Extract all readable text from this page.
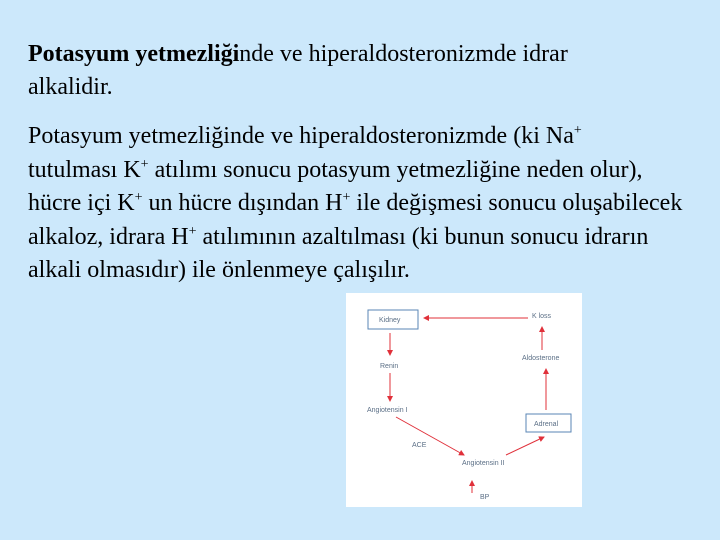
Potasyum yetmezliğinde ve hiperaldosteronizmde idrar
alkalidir.

Potasyum yetmezliğinde ve hiperaldosteronizmde (ki Na+
tutulması K+ atılımı sonucu potasyum yetmezliğine neden olur), hücre içi K+ un hücre dışından H+ ile değişmesi sonucu oluşabilecek alkaloz, idrara H+ atılımının azaltılması (ki bunun sonucu idrarın alkali olmasıdır) ile önlenmeye çalışılır.

Kidney
K loss
Renin
Angiotensin I
Aldosterone
Adrenal
ACE
Angiotensin II
BP
